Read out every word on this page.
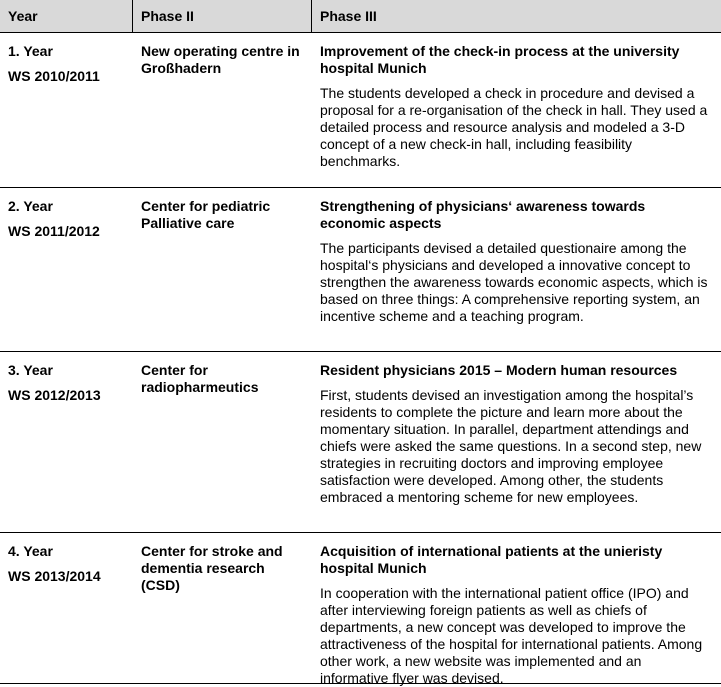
Year	Phase II	Phase III
1. Year
WS 2010/2011
New operating centre in Großhadern
Improvement of the check-in process at the university hospital Munich

The students developed a check in procedure and devised a proposal for a re-organisation of the check in hall. They used a detailed process and resource analysis and modeled a 3-D concept of a new check-in hall, including feasibility benchmarks.

2. Year
WS 2011/2012
Center for pediatric Palliative care
Strengthening of physicians‘ awareness towards economic aspects

The participants devised a detailed questionaire among the hospital‘s physicians and developed a innovative concept to strengthen the awareness towards economic aspects, which is based on three things: A comprehensive reporting system, an incentive scheme and a teaching program.

3. Year
WS 2012/2013
Center for radiopharmeutics
Resident physicians 2015 – Modern human resources

First, students devised an investigation among the hospital’s residents to complete the picture and learn more about the momentary situation. In parallel, department attendings and chiefs were asked the same questions. In a second step, new strategies in recruiting doctors and improving employee satisfaction were developed. Among other, the students embraced a mentoring scheme for new employees.

4. Year
WS 2013/2014
Center for stroke and dementia research (CSD)
Acquisition of international patients at the unieristy hospital Munich

In cooperation with the international patient office (IPO) and after interviewing foreign patients as well as chiefs of departments, a new concept was developed to improve the attractiveness of the hospital for international patients. Among other work, a new website was implemented and an informative flyer was devised.
